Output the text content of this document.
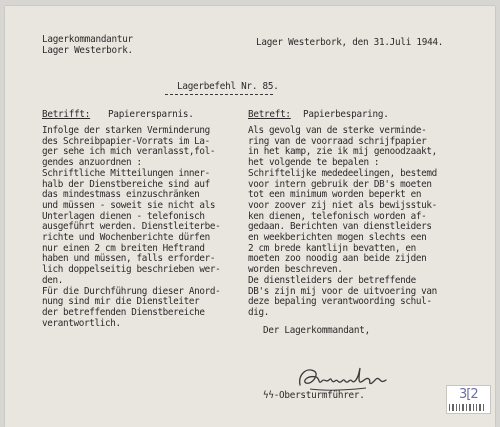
Lagerkommandantur
Lager Westerbork.
Lager Westerbork, den 31.Juli 1944.
Lagerbefehl Nr. 85.
Betrifft: Papierersparnis.	Betreft: Papierbesparing.
Infolge der starken Verminderung
des Schreibpapier-Vorrats im La-
ger sehe ich mich veranlasst,fol-
gendes anzuordnen :
Schriftliche Mitteilungen inner-
halb der Dienstbereiche sind auf
das mindestmass einzuschränken
und müssen - soweit sie nicht als
Unterlagen dienen - telefonisch
ausgeführt werden. Dienstleiterbe-
richte und Wochenberichte dürfen
nur einen 2 cm breiten Heftrand
haben und müssen, falls erforder-
lich doppelseitig beschrieben wer-
den.
Für die Durchführung dieser Anord-
nung sind mir die Dienstleiter
der betreffenden Dienstbereiche
verantwortlich.
Als gevolg van de sterke verminde-
ring van de voorraad schrijfpapier
in het kamp, zie ik mij genoodzaakt,
het volgende te bepalen :
Schriftelijke mededeelingen, bestemd
voor intern gebruik der DB's moeten
tot een minimum worden beperkt en
voor zoover zij niet als bewijsstuk-
ken dienen, telefonisch worden af-
gedaan. Berichten van dienstleiders
en weekberichten mogen slechts een
2 cm brede kantlijn bevatten, en
moeten zoo noodig aan beide zijden
worden beschreven.
De dienstleiders der betreffende
DB's zijn mij voor de uitvoering van
deze bepaling verantwoording schul-
dig.
Der Lagerkommandant,
ϟϟ-Obersturmführer.	3[2
